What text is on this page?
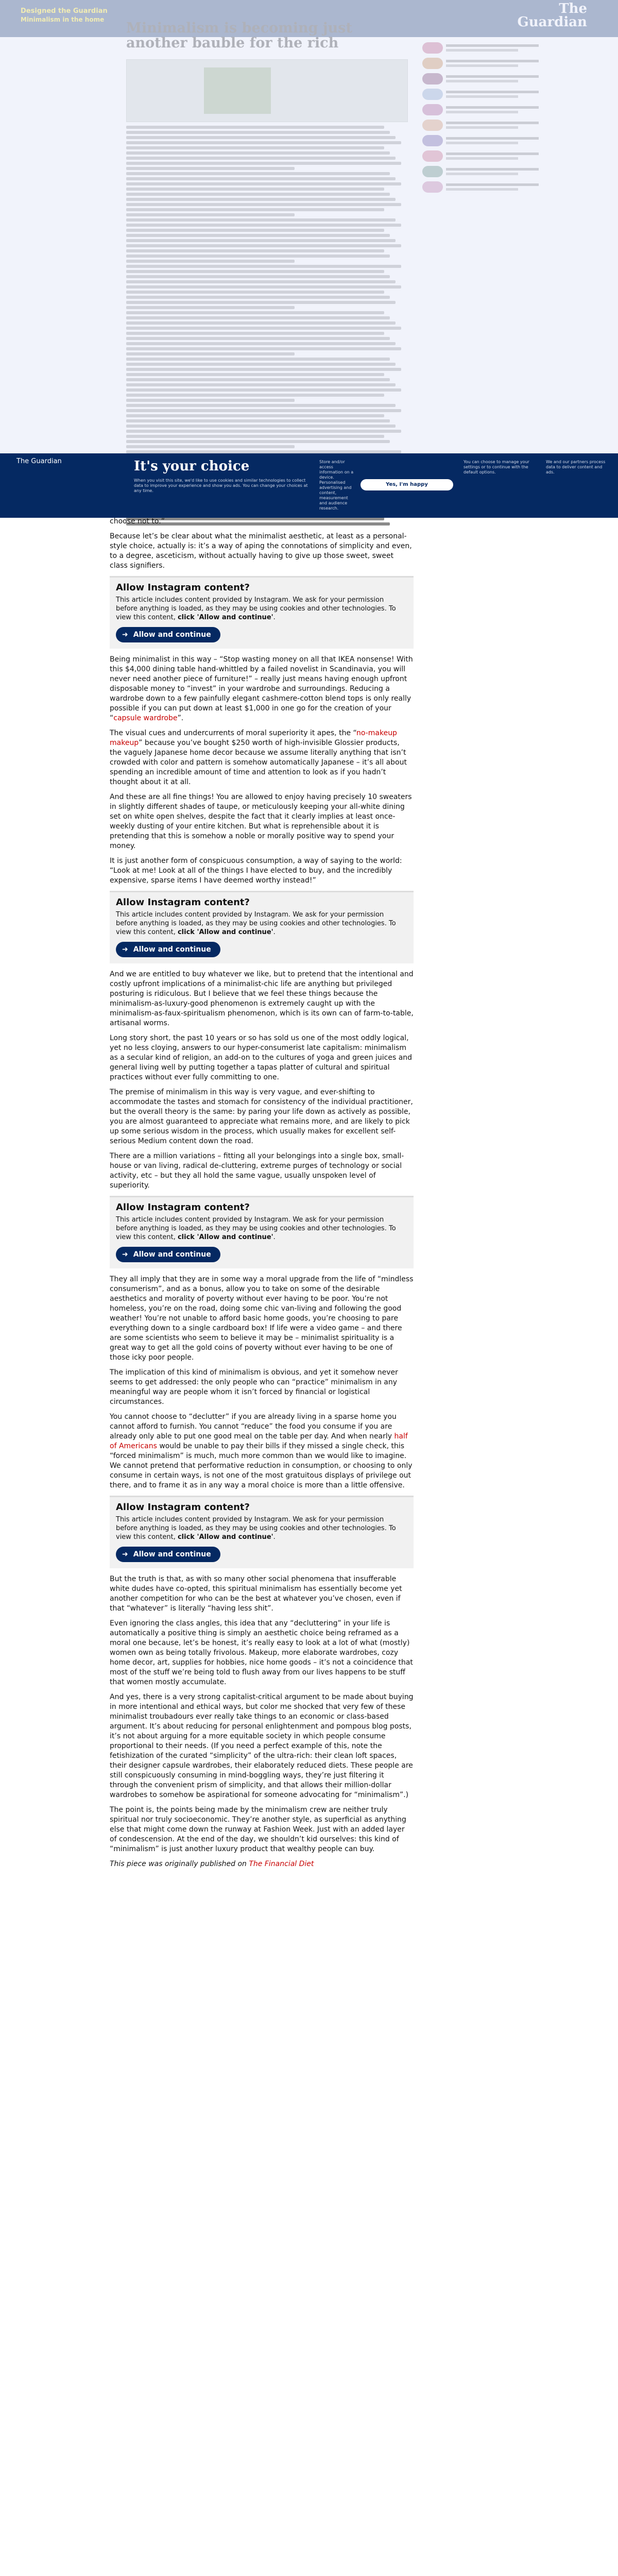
The Guardian	It's your choice
When you visit this site, we'd like to use cookies and similar technologies to collect data to improve your experience and show you ads. You can change your choices at any time.
Store and/or access information on a device. Personalised advertising and content, measurement and audience research.
Yes, I'm happy
You can choose to manage your settings or to continue with the default options.
We and our partners process data to deliver content and ads.

choose not to.”

Because let’s be clear about what the minimalist aesthetic, at least as a personal-style choice, actually is: it’s a way of aping the connotations of simplicity and even, to a degree, asceticism, without actually having to give up those sweet, sweet class signifiers.

Allow Instagram content?

This article includes content provided by Instagram. We ask for your permission before anything is loaded, as they may be using cookies and other technologies. To view this content, click 'Allow and continue'.

➜ Allow and continue

Being minimalist in this way – “Stop wasting money on all that IKEA nonsense! With this $4,000 dining table hand-whittled by a failed novelist in Scandinavia, you will never need another piece of furniture!” – really just means having enough upfront disposable money to “invest” in your wardrobe and surroundings. Reducing a wardrobe down to a few painfully elegant cashmere-cotton blend tops is only really possible if you can put down at least $1,000 in one go for the creation of your “capsule wardrobe”.

The visual cues and undercurrents of moral superiority it apes, the “no-makeup makeup” because you’ve bought $250 worth of high-invisible Glossier products, the vaguely Japanese home decor because we assume literally anything that isn’t crowded with color and pattern is somehow automatically Japanese – it’s all about spending an incredible amount of time and attention to look as if you hadn’t thought about it at all.

And these are all fine things! You are allowed to enjoy having precisely 10 sweaters in slightly different shades of taupe, or meticulously keeping your all-white dining set on white open shelves, despite the fact that it clearly implies at least once-weekly dusting of your entire kitchen. But what is reprehensible about it is pretending that this is somehow a noble or morally positive way to spend your money.

It is just another form of conspicuous consumption, a way of saying to the world: “Look at me! Look at all of the things I have elected to buy, and the incredibly expensive, sparse items I have deemed worthy instead!”

Allow Instagram content?

This article includes content provided by Instagram. We ask for your permission before anything is loaded, as they may be using cookies and other technologies. To view this content, click 'Allow and continue'.

➜ Allow and continue

And we are entitled to buy whatever we like, but to pretend that the intentional and costly upfront implications of a minimalist-chic life are anything but privileged posturing is ridiculous. But I believe that we feel these things because the minimalism-as-luxury-good phenomenon is extremely caught up with the minimalism-as-faux-spiritualism phenomenon, which is its own can of farm-to-table, artisanal worms.

Long story short, the past 10 years or so has sold us one of the most oddly logical, yet no less cloying, answers to our hyper-consumerist late capitalism: minimalism as a secular kind of religion, an add-on to the cultures of yoga and green juices and general living well by putting together a tapas platter of cultural and spiritual practices without ever fully committing to one.

The premise of minimalism in this way is very vague, and ever-shifting to accommodate the tastes and stomach for consistency of the individual practitioner, but the overall theory is the same: by paring your life down as actively as possible, you are almost guaranteed to appreciate what remains more, and are likely to pick up some serious wisdom in the process, which usually makes for excellent self-serious Medium content down the road.

There are a million variations – fitting all your belongings into a single box, small-house or van living, radical de-cluttering, extreme purges of technology or social activity, etc – but they all hold the same vague, usually unspoken level of superiority.

Allow Instagram content?

This article includes content provided by Instagram. We ask for your permission before anything is loaded, as they may be using cookies and other technologies. To view this content, click 'Allow and continue'.

➜ Allow and continue

They all imply that they are in some way a moral upgrade from the life of “mindless consumerism”, and as a bonus, allow you to take on some of the desirable aesthetics and morality of poverty without ever having to be poor. You’re not homeless, you’re on the road, doing some chic van-living and following the good weather! You’re not unable to afford basic home goods, you’re choosing to pare everything down to a single cardboard box! If life were a video game – and there are some scientists who seem to believe it may be – minimalist spirituality is a great way to get all the gold coins of poverty without ever having to be one of those icky poor people.

The implication of this kind of minimalism is obvious, and yet it somehow never seems to get addressed: the only people who can “practice” minimalism in any meaningful way are people whom it isn’t forced by financial or logistical circumstances.

You cannot choose to “declutter” if you are already living in a sparse home you cannot afford to furnish. You cannot “reduce” the food you consume if you are already only able to put one good meal on the table per day. And when nearly half of Americans would be unable to pay their bills if they missed a single check, this “forced minimalism” is much, much more common than we would like to imagine. We cannot pretend that performative reduction in consumption, or choosing to only consume in certain ways, is not one of the most gratuitous displays of privilege out there, and to frame it as in any way a moral choice is more than a little offensive.

Allow Instagram content?

This article includes content provided by Instagram. We ask for your permission before anything is loaded, as they may be using cookies and other technologies. To view this content, click 'Allow and continue'.

➜ Allow and continue

But the truth is that, as with so many other social phenomena that insufferable white dudes have co-opted, this spiritual minimalism has essentially become yet another competition for who can be the best at whatever you’ve chosen, even if that “whatever” is literally “having less shit”.

Even ignoring the class angles, this idea that any “decluttering” in your life is automatically a positive thing is simply an aesthetic choice being reframed as a moral one because, let’s be honest, it’s really easy to look at a lot of what (mostly) women own as being totally frivolous. Makeup, more elaborate wardrobes, cozy home decor, art, supplies for hobbies, nice home goods – it’s not a coincidence that most of the stuff we’re being told to flush away from our lives happens to be stuff that women mostly accumulate.

And yes, there is a very strong capitalist-critical argument to be made about buying in more intentional and ethical ways, but color me shocked that very few of these minimalist troubadours ever really take things to an economic or class-based argument. It’s about reducing for personal enlightenment and pompous blog posts, it’s not about arguing for a more equitable society in which people consume proportional to their needs. (If you need a perfect example of this, note the fetishization of the curated “simplicity” of the ultra-rich: their clean loft spaces, their designer capsule wardrobes, their elaborately reduced diets. These people are still conspicuously consuming in mind-boggling ways, they’re just filtering it through the convenient prism of simplicity, and that allows their million-dollar wardrobes to somehow be aspirational for someone advocating for “minimalism”.)

The point is, the points being made by the minimalism crew are neither truly spiritual nor truly socioeconomic. They’re another style, as superficial as anything else that might come down the runway at Fashion Week. Just with an added layer of condescension. At the end of the day, we shouldn’t kid ourselves: this kind of “minimalism” is just another luxury product that wealthy people can buy.

This piece was originally published on The Financial Diet
